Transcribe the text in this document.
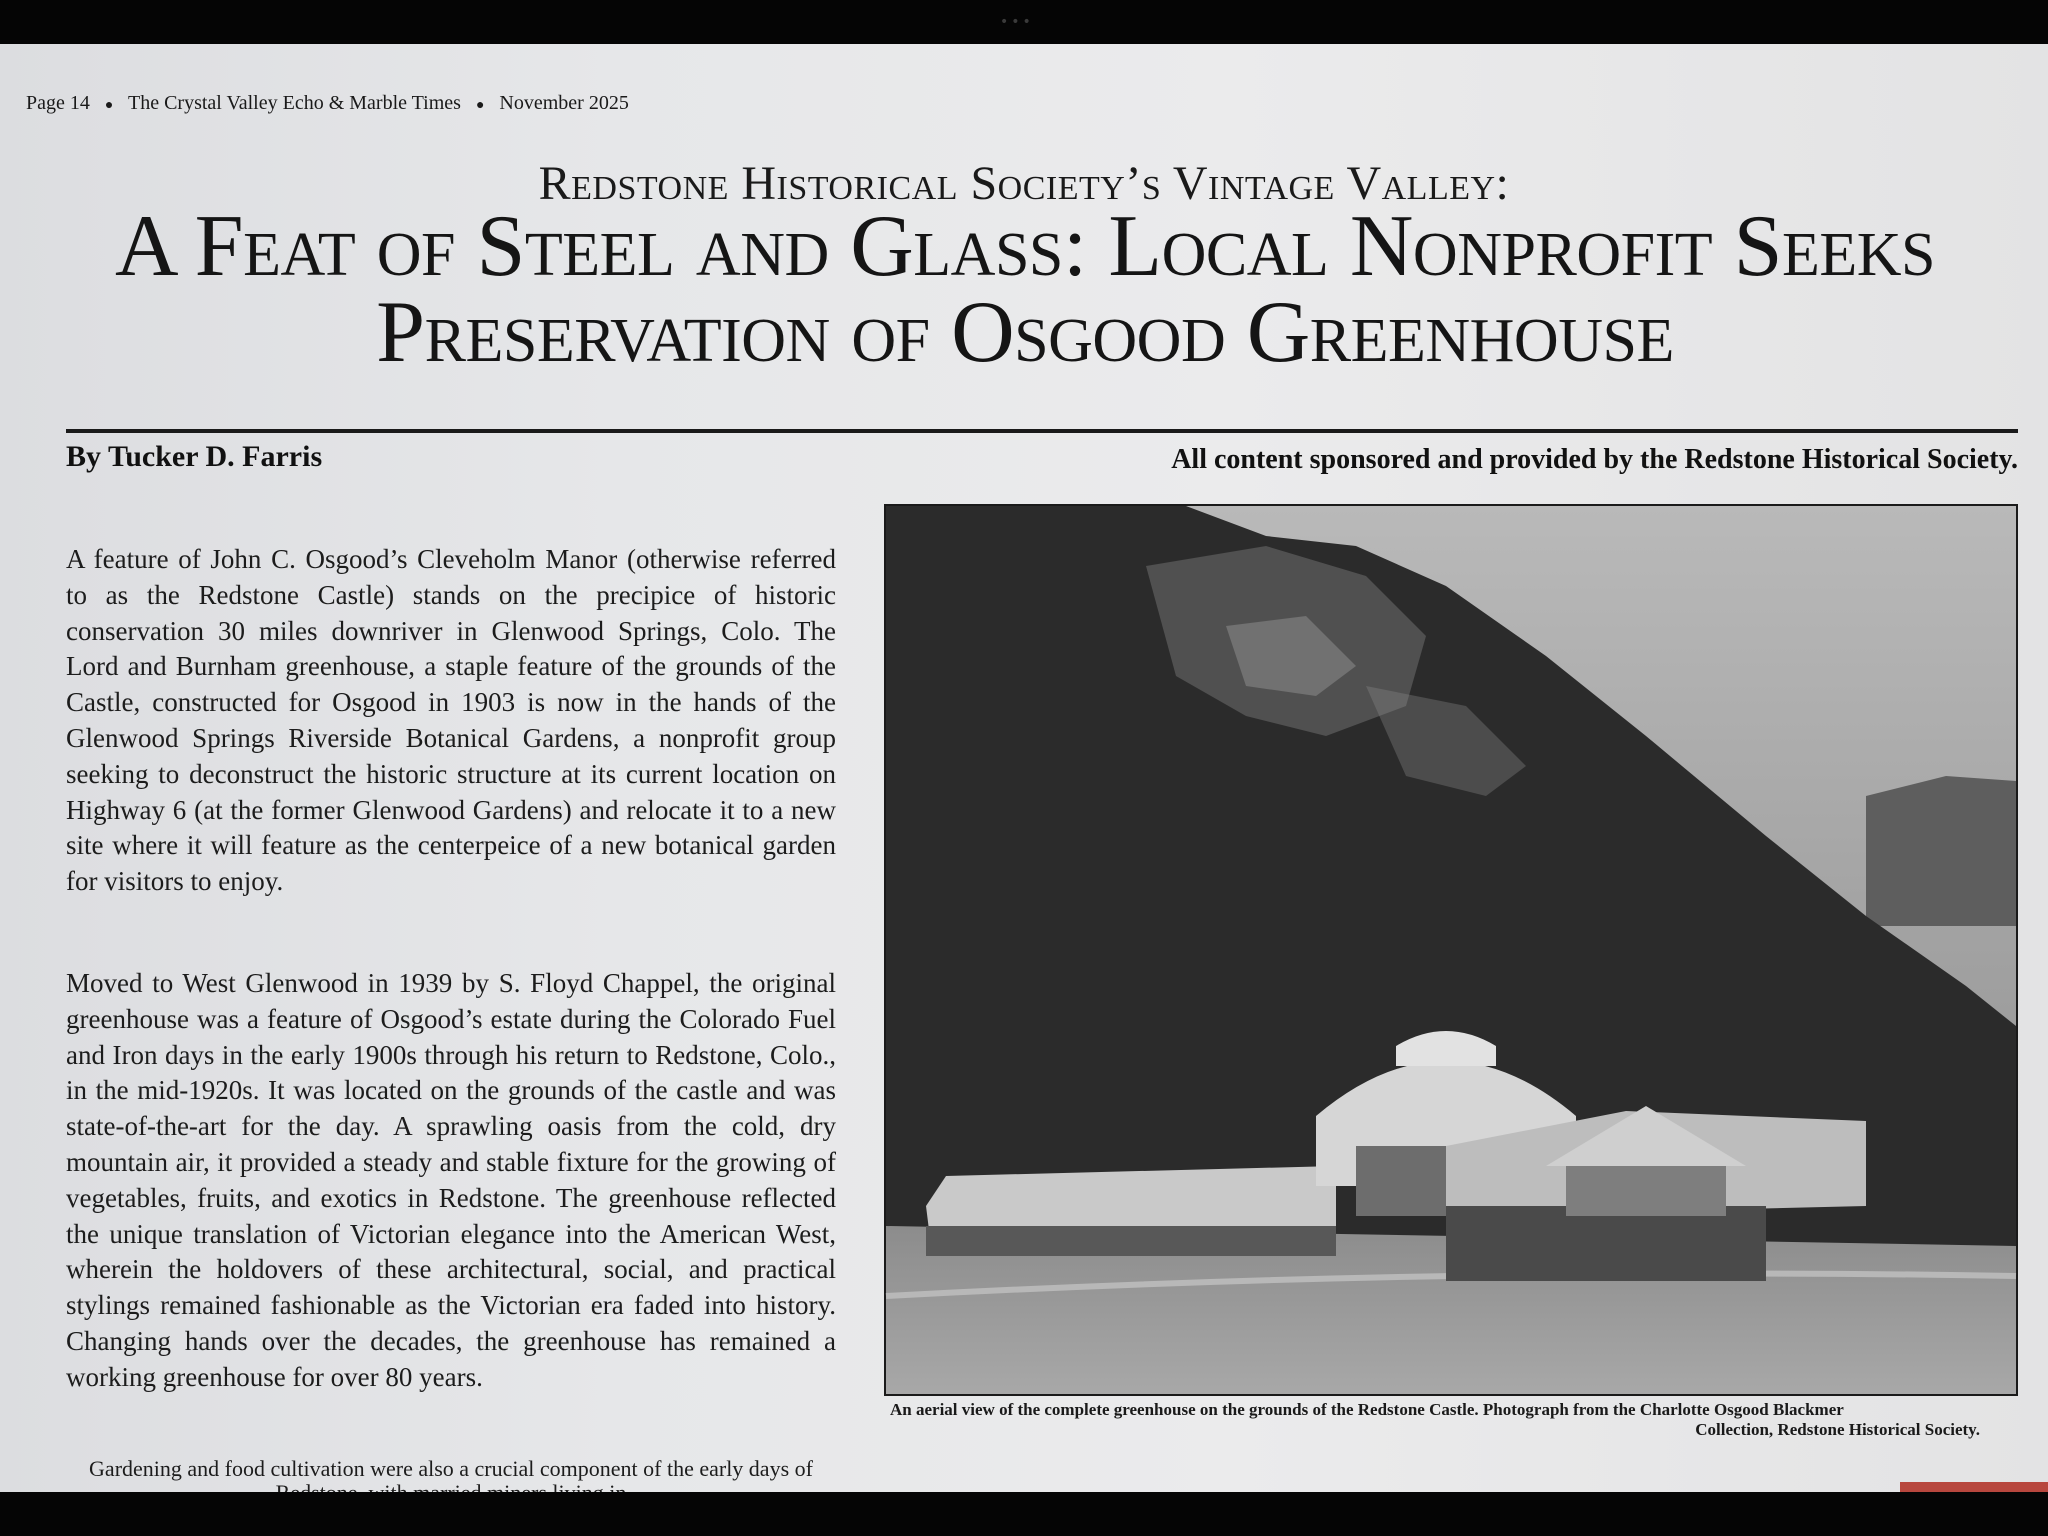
•••
Page 14 ● The Crystal Valley Echo & Marble Times ● November 2025
Redstone Historical Society’s Vintage Valley:
A Feat of Steel and Glass: Local Nonprofit Seeks
Preservation of Osgood Greenhouse
By Tucker D. Farris	All content sponsored and provided by the Redstone Historical Society.

A feature of John C. Osgood’s Cleveholm Manor (otherwise referred to as the Redstone Castle) stands on the precipice of historic conservation 30 miles downriver in Glenwood Springs, Colo. The Lord and Burnham greenhouse, a staple feature of the grounds of the Castle, constructed for Osgood in 1903 is now in the hands of the Glenwood Springs Riverside Botanical Gardens, a nonprofit group seeking to deconstruct the historic structure at its current location on Highway 6 (at the former Glenwood Gardens) and relocate it to a new site where it will feature as the centerpeice of a new botanical garden for visitors to enjoy.

Moved to West Glenwood in 1939 by S. Floyd Chappel, the original greenhouse was a feature of Osgood’s estate during the Colorado Fuel and Iron days in the early 1900s through his return to Redstone, Colo., in the mid-1920s. It was located on the grounds of the castle and was state-of-the-art for the day. A sprawling oasis from the cold, dry mountain air, it provided a steady and stable fixture for the growing of vegetables, fruits, and exotics in Redstone. The greenhouse reflected the unique translation of Victorian elegance into the American West, wherein the holdovers of these architectural, social, and practical stylings remained fashionable as the Victorian era faded into history. Changing hands over the decades, the greenhouse has remained a working greenhouse for over 80 years.

Gardening and food cultivation were also a crucial component of the early days of

An aerial view of the complete greenhouse on the grounds of the Redstone Castle. Photograph from the Charlotte Osgood Blackmer
Collection, Redstone Historical Society.
